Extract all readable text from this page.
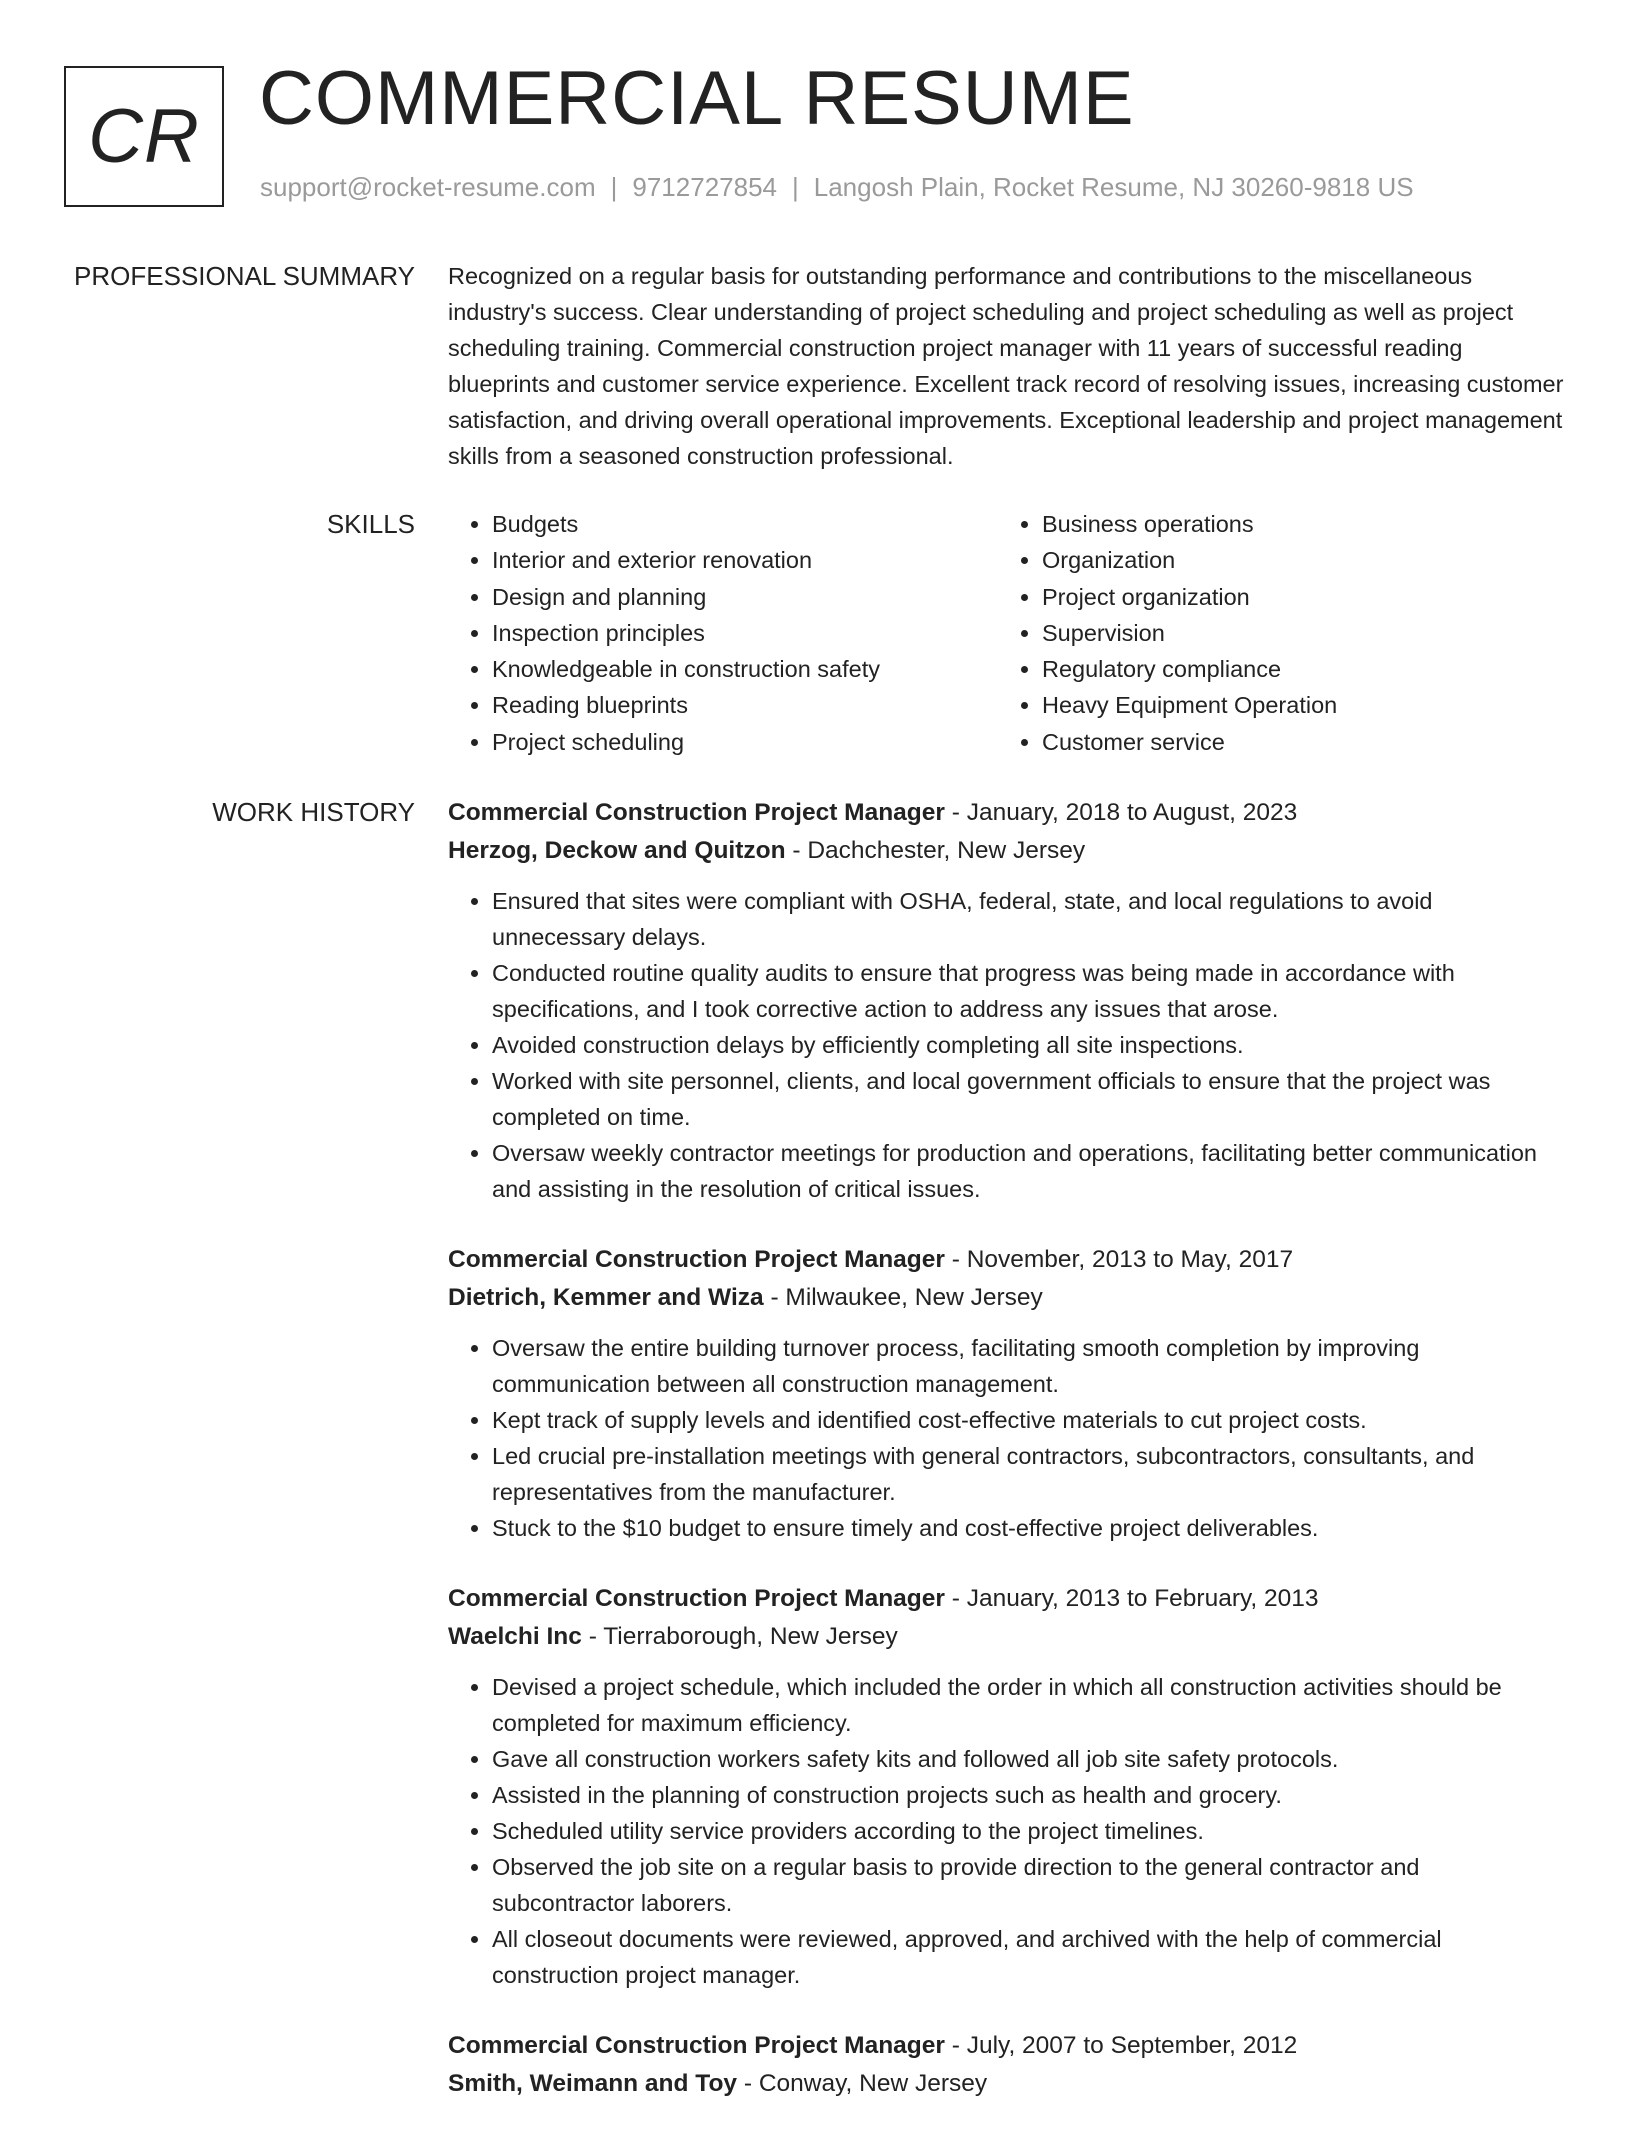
CR COMMERCIAL RESUME
support@rocket-resume.com | 9712727854 | Langosh Plain, Rocket Resume, NJ 30260-9818 US
PROFESSIONAL SUMMARY Recognized on a regular basis for outstanding performance and contributions to the miscellaneous industry's success. Clear understanding of project scheduling and project scheduling as well as project scheduling training. Commercial construction project manager with 11 years of successful reading blueprints and customer service experience. Excellent track record of resolving issues, increasing customer satisfaction, and driving overall operational improvements. Exceptional leadership and project management skills from a seasoned construction professional.

SKILLS
•	Budgets
• Interior and exterior renovation
• Design and planning
• Inspection principles
• Knowledgeable in construction safety
• Reading blueprints
• Project scheduling
• Business operations
• Organization
• Project organization
• Supervision
• Regulatory compliance
• Heavy Equipment Operation
• Customer service
WORK HISTORY Commercial Construction Project Manager - January, 2018 to August, 2023
Herzog, Deckow and Quitzon - Dachchester, New Jersey
• Ensured that sites were compliant with OSHA, federal, state, and local regulations to avoid unnecessary delays.
• Conducted routine quality audits to ensure that progress was being made in accordance with specifications, and I took corrective action to address any issues that arose.
• Avoided construction delays by efficiently completing all site inspections.
• Worked with site personnel, clients, and local government officials to ensure that the project was completed on time.
• Oversaw weekly contractor meetings for production and operations, facilitating better communication and assisting in the resolution of critical issues.
Commercial Construction Project Manager - November, 2013 to May, 2017
Dietrich, Kemmer and Wiza - Milwaukee, New Jersey
• Oversaw the entire building turnover process, facilitating smooth completion by improving communication between all construction management.
• Kept track of supply levels and identified cost-effective materials to cut project costs.
• Led crucial pre-installation meetings with general contractors, subcontractors, consultants, and representatives from the manufacturer.
• Stuck to the $10 budget to ensure timely and cost-effective project deliverables.
Commercial Construction Project Manager - January, 2013 to February, 2013
Waelchi Inc - Tierraborough, New Jersey
• Devised a project schedule, which included the order in which all construction activities should be completed for maximum efficiency.
• Gave all construction workers safety kits and followed all job site safety protocols.
• Assisted in the planning of construction projects such as health and grocery.
• Scheduled utility service providers according to the project timelines.
• Observed the job site on a regular basis to provide direction to the general contractor and subcontractor laborers.
• All closeout documents were reviewed, approved, and archived with the help of commercial construction project manager.
Commercial Construction Project Manager - July, 2007 to September, 2012
Smith, Weimann and Toy - Conway, New Jersey
